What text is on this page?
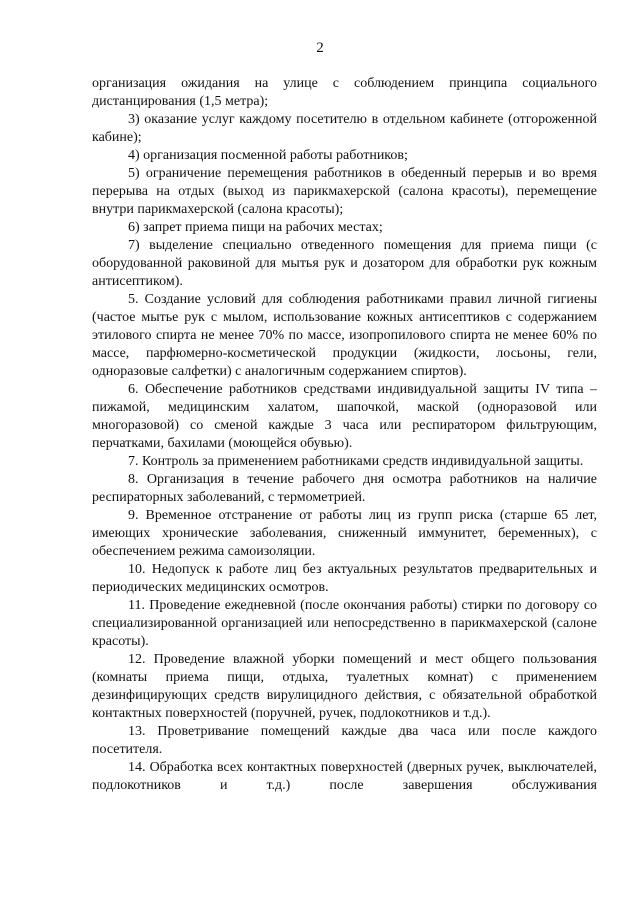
2

организация ожидания на улице с соблюдением принципа социального дистанцирования (1,5 метра);

3) оказание услуг каждому посетителю в отдельном кабинете (отгороженной кабине);

4) организация посменной работы работников;

5) ограничение перемещения работников в обеденный перерыв и во время перерыва на отдых (выход из парикмахерской (салона красоты), перемещение внутри парикмахерской (салона красоты);

6) запрет приема пищи на рабочих местах;

7) выделение специально отведенного помещения для приема пищи (с оборудованной раковиной для мытья рук и дозатором для обработки рук кожным антисептиком).

5. Создание условий для соблюдения работниками правил личной гигиены (частое мытье рук с мылом, использование кожных антисептиков с содержанием этилового спирта не менее 70% по массе, изопропилового спирта не менее 60% по массе, парфюмерно-косметической продукции (жидкости, лосьоны, гели, одноразовые салфетки) с аналогичным содержанием спиртов).

6. Обеспечение работников средствами индивидуальной защиты IV типа – пижамой, медицинским халатом, шапочкой, маской (одноразовой или многоразовой) со сменой каждые 3 часа или респиратором фильтрующим, перчатками, бахилами (моющейся обувью).

7. Контроль за применением работниками средств индивидуальной защиты.

8. Организация в течение рабочего дня осмотра работников на наличие респираторных заболеваний, с термометрией.

9. Временное отстранение от работы лиц из групп риска (старше 65 лет, имеющих хронические заболевания, сниженный иммунитет, беременных), с обеспечением режима самоизоляции.

10. Недопуск к работе лиц без актуальных результатов предварительных и периодических медицинских осмотров.

11. Проведение ежедневной (после окончания работы) стирки по договору со специализированной организацией или непосредственно в парикмахерской (салоне красоты).

12. Проведение влажной уборки помещений и мест общего пользования (комнаты приема пищи, отдыха, туалетных комнат) с применением дезинфицирующих средств вирулицидного действия, с обязательной обработкой контактных поверхностей (поручней, ручек, подлокотников и т.д.).

13. Проветривание помещений каждые два часа или после каждого посетителя.

14. Обработка всех контактных поверхностей (дверных ручек, выключателей, подлокотников и т.д.) после завершения обслуживания
